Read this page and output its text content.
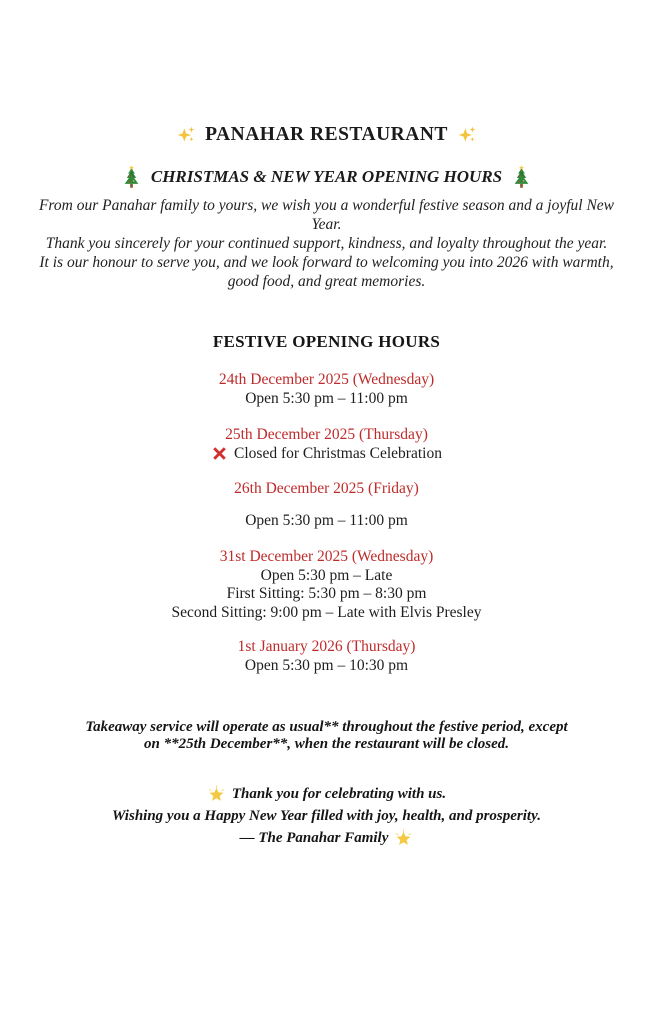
PANAHAR RESTAURANT
CHRISTMAS & NEW YEAR OPENING HOURS

From our Panahar family to yours, we wish you a wonderful festive season and a joyful New Year.

Thank you sincerely for your continued support, kindness, and loyalty throughout the year.

It is our honour to serve you, and we look forward to welcoming you into 2026 with warmth, good food, and great memories.

FESTIVE OPENING HOURS
24th December 2025 (Wednesday)
Open 5:30 pm – 11:00 pm
25th December 2025 (Thursday)
Closed for Christmas Celebration
26th December 2025 (Friday)
Open 5:30 pm – 11:00 pm
31st December 2025 (Wednesday)
Open 5:30 pm – Late
First Sitting: 5:30 pm – 8:30 pm
Second Sitting: 9:00 pm – Late with Elvis Presley
1st January 2026 (Thursday)
Open 5:30 pm – 10:30 pm
Takeaway service will operate as usual** throughout the festive period, except on **25th December**, when the restaurant will be closed.
Thank you for celebrating with us.
Wishing you a Happy New Year filled with joy, health, and prosperity.
— The Panahar Family
